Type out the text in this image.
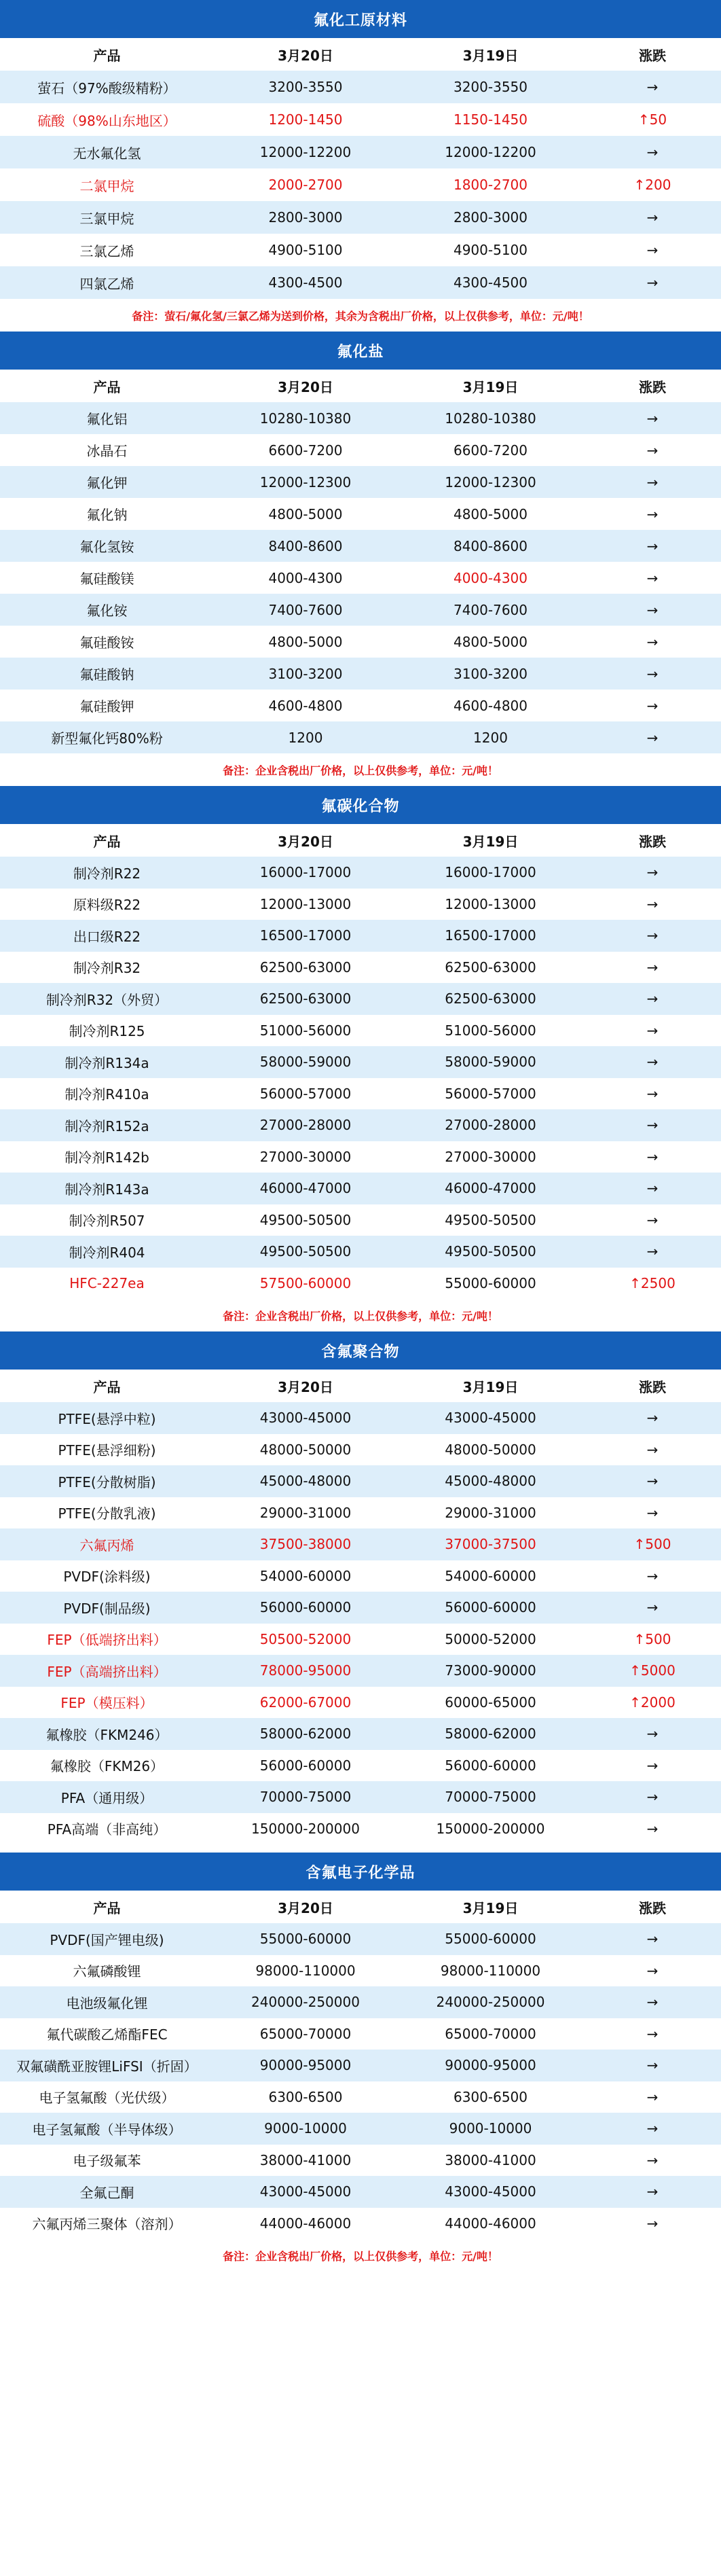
氟化工原材料
产品	3月20日	3月19日	涨跌
萤石（97%酸级精粉）	3200-3550	3200-3550	→
硫酸（98%山东地区）	1200-1450	1150-1450	↑50
无水氟化氢	12000-12200	12000-12200	→
二氯甲烷	2000-2700	1800-2700	↑200
三氯甲烷	2800-3000	2800-3000	→
三氯乙烯	4900-5100	4900-5100	→
四氯乙烯	4300-4500	4300-4500	→
备注：萤石/氟化氢/三氯乙烯为送到价格，其余为含税出厂价格，以上仅供参考，单位：元/吨！
氟化盐
产品	3月20日	3月19日	涨跌
氟化铝	10280-10380	10280-10380	→
冰晶石	6600-7200	6600-7200	→
氟化钾	12000-12300	12000-12300	→
氟化钠	4800-5000	4800-5000	→
氟化氢铵	8400-8600	8400-8600	→
氟硅酸镁	4000-4300	4000-4300	→
氟化铵	7400-7600	7400-7600	→
氟硅酸铵	4800-5000	4800-5000	→
氟硅酸钠	3100-3200	3100-3200	→
氟硅酸钾	4600-4800	4600-4800	→
新型氟化钙80%粉	1200	1200	→
备注：企业含税出厂价格，以上仅供参考，单位：元/吨！
氟碳化合物
产品	3月20日	3月19日	涨跌
制冷剂R22	16000-17000	16000-17000	→
原料级R22	12000-13000	12000-13000	→
出口级R22	16500-17000	16500-17000	→
制冷剂R32	62500-63000	62500-63000	→
制冷剂R32（外贸）	62500-63000	62500-63000	→
制冷剂R125	51000-56000	51000-56000	→
制冷剂R134a	58000-59000	58000-59000	→
制冷剂R410a	56000-57000	56000-57000	→
制冷剂R152a	27000-28000	27000-28000	→
制冷剂R142b	27000-30000	27000-30000	→
制冷剂R143a	46000-47000	46000-47000	→
制冷剂R507	49500-50500	49500-50500	→
制冷剂R404	49500-50500	49500-50500	→
HFC-227ea	57500-60000	55000-60000	↑2500
备注：企业含税出厂价格，以上仅供参考，单位：元/吨！
含氟聚合物
产品	3月20日	3月19日	涨跌
PTFE(悬浮中粒)	43000-45000	43000-45000	→
PTFE(悬浮细粉)	48000-50000	48000-50000	→
PTFE(分散树脂)	45000-48000	45000-48000	→
PTFE(分散乳液)	29000-31000	29000-31000	→
六氟丙烯	37500-38000	37000-37500	↑500
PVDF(涂料级)	54000-60000	54000-60000	→
PVDF(制品级)	56000-60000	56000-60000	→
FEP（低端挤出料）	50500-52000	50000-52000	↑500
FEP（高端挤出料）	78000-95000	73000-90000	↑5000
FEP（模压料）	62000-67000	60000-65000	↑2000
氟橡胶（FKM246）	58000-62000	58000-62000	→
氟橡胶（FKM26）	56000-60000	56000-60000	→
PFA（通用级）	70000-75000	70000-75000	→
PFA高端（非高纯）	150000-200000	150000-200000	→
含氟电子化学品
产品	3月20日	3月19日	涨跌
PVDF(国产锂电级)	55000-60000	55000-60000	→
六氟磷酸锂	98000-110000	98000-110000	→
电池级氟化锂	240000-250000	240000-250000	→
氟代碳酸乙烯酯FEC	65000-70000	65000-70000	→
双氟磺酰亚胺锂LiFSI（折固）	90000-95000	90000-95000	→
电子氢氟酸（光伏级）	6300-6500	6300-6500	→
电子氢氟酸（半导体级）	9000-10000	9000-10000	→
电子级氟苯	38000-41000	38000-41000	→
全氟己酮	43000-45000	43000-45000	→
六氟丙烯三聚体（溶剂）	44000-46000	44000-46000	→
备注：企业含税出厂价格，以上仅供参考，单位：元/吨！
